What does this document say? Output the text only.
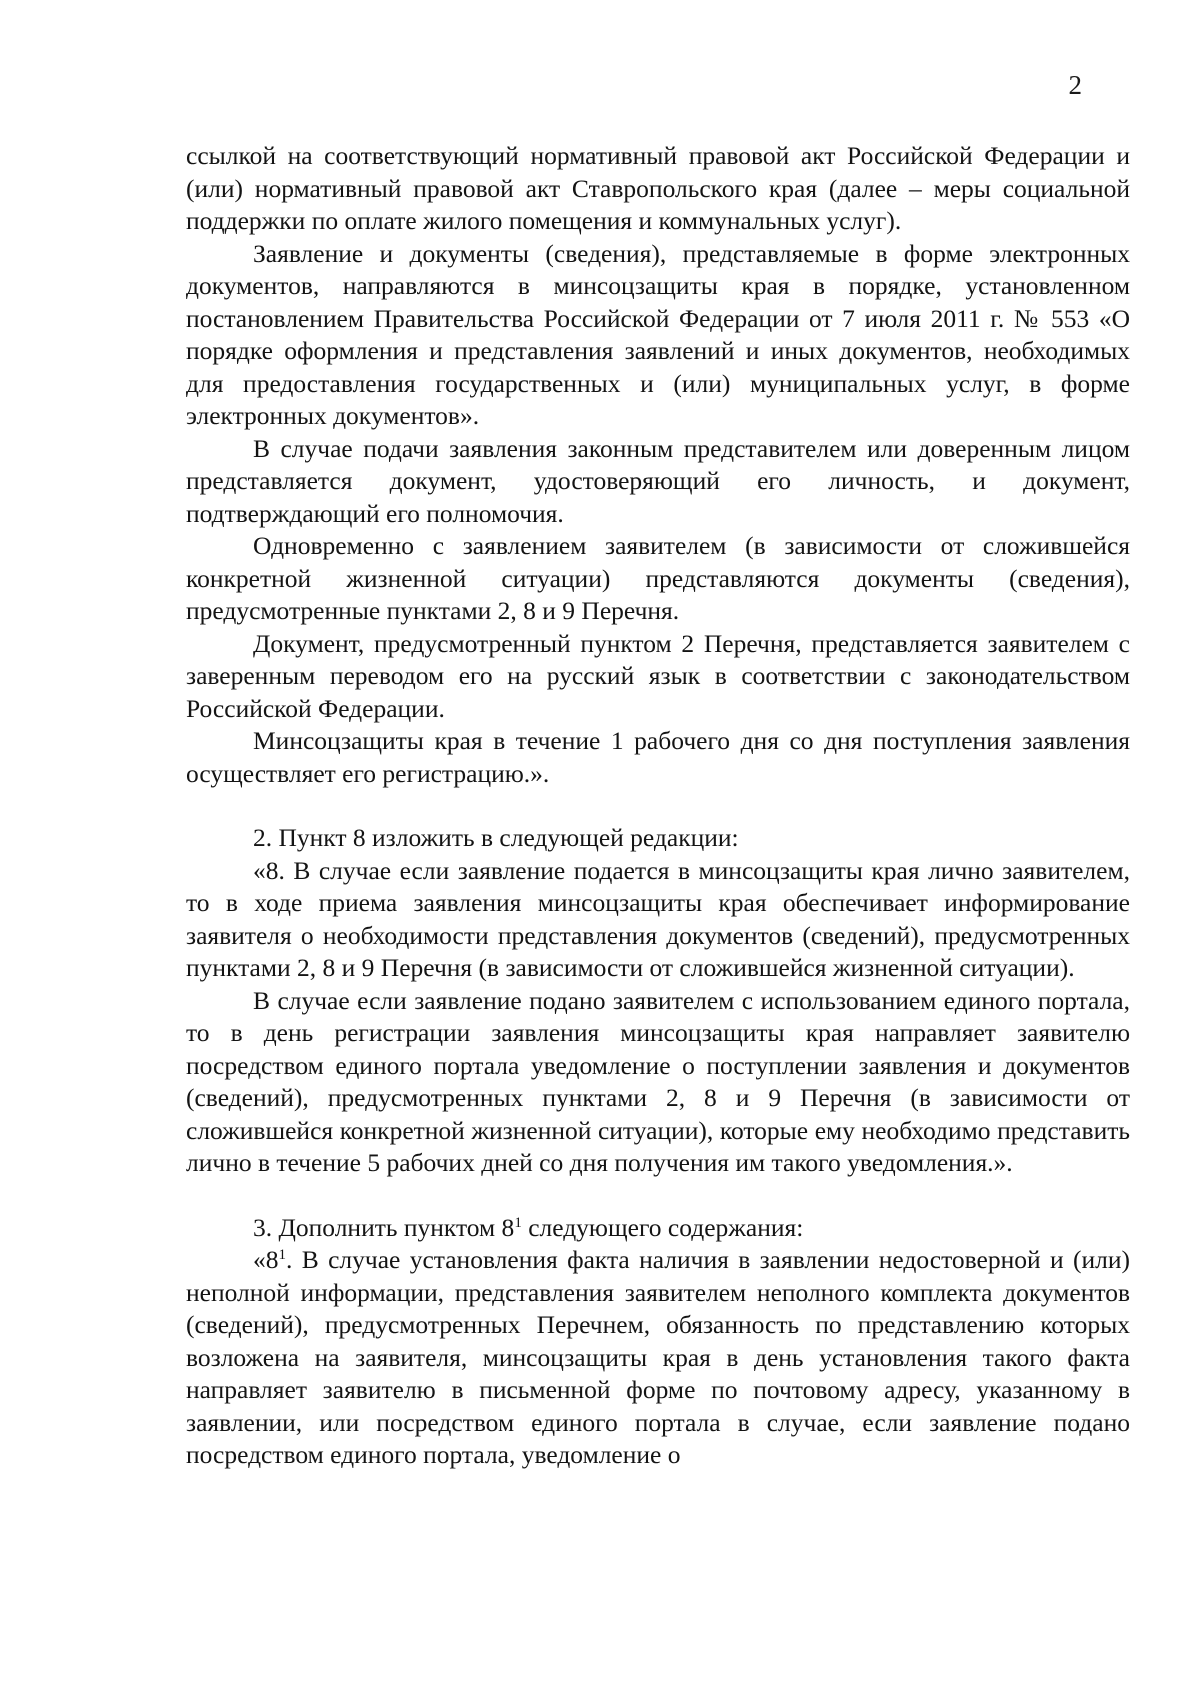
2

ссылкой на соответствующий нормативный правовой акт Российской Федерации и (или) нормативный правовой акт Ставропольского края (далее – меры социальной поддержки по оплате жилого помещения и коммунальных услуг).

Заявление и документы (сведения), представляемые в форме электронных документов, направляются в минсоцзащиты края в порядке, установленном постановлением Правительства Российской Федерации от 7 июля 2011 г. № 553 «О порядке оформления и представления заявлений и иных документов, необходимых для предоставления государственных и (или) муниципальных услуг, в форме электронных документов».

В случае подачи заявления законным представителем или доверенным лицом представляется документ, удостоверяющий его личность, и документ, подтверждающий его полномочия.

Одновременно с заявлением заявителем (в зависимости от сложившейся конкретной жизненной ситуации) представляются документы (сведения), предусмотренные пунктами 2, 8 и 9 Перечня.

Документ, предусмотренный пунктом 2 Перечня, представляется заявителем с заверенным переводом его на русский язык в соответствии с законодательством Российской Федерации.

Минсоцзащиты края в течение 1 рабочего дня со дня поступления заявления осуществляет его регистрацию.».

2. Пункт 8 изложить в следующей редакции:

«8. В случае если заявление подается в минсоцзащиты края лично заявителем, то в ходе приема заявления минсоцзащиты края обеспечивает информирование заявителя о необходимости представления документов (сведений), предусмотренных пунктами 2, 8 и 9 Перечня (в зависимости от сложившейся жизненной ситуации).

В случае если заявление подано заявителем с использованием единого портала, то в день регистрации заявления минсоцзащиты края направляет заявителю посредством единого портала уведомление о поступлении заявления и документов (сведений), предусмотренных пунктами 2, 8 и 9 Перечня (в зависимости от сложившейся конкретной жизненной ситуации), которые ему необходимо представить лично в течение 5 рабочих дней со дня получения им такого уведомления.».

3. Дополнить пунктом $8^1$ следующего содержания:

«$8^1$. В случае установления факта наличия в заявлении недостоверной и (или) неполной информации, представления заявителем неполного комплекта документов (сведений), предусмотренных Перечнем, обязанность по представлению которых возложена на заявителя, минсоцзащиты края в день установления такого факта направляет заявителю в письменной форме по почтовому адресу, указанному в заявлении, или посредством единого портала в случае, если заявление подано посредством единого портала, уведомление о
